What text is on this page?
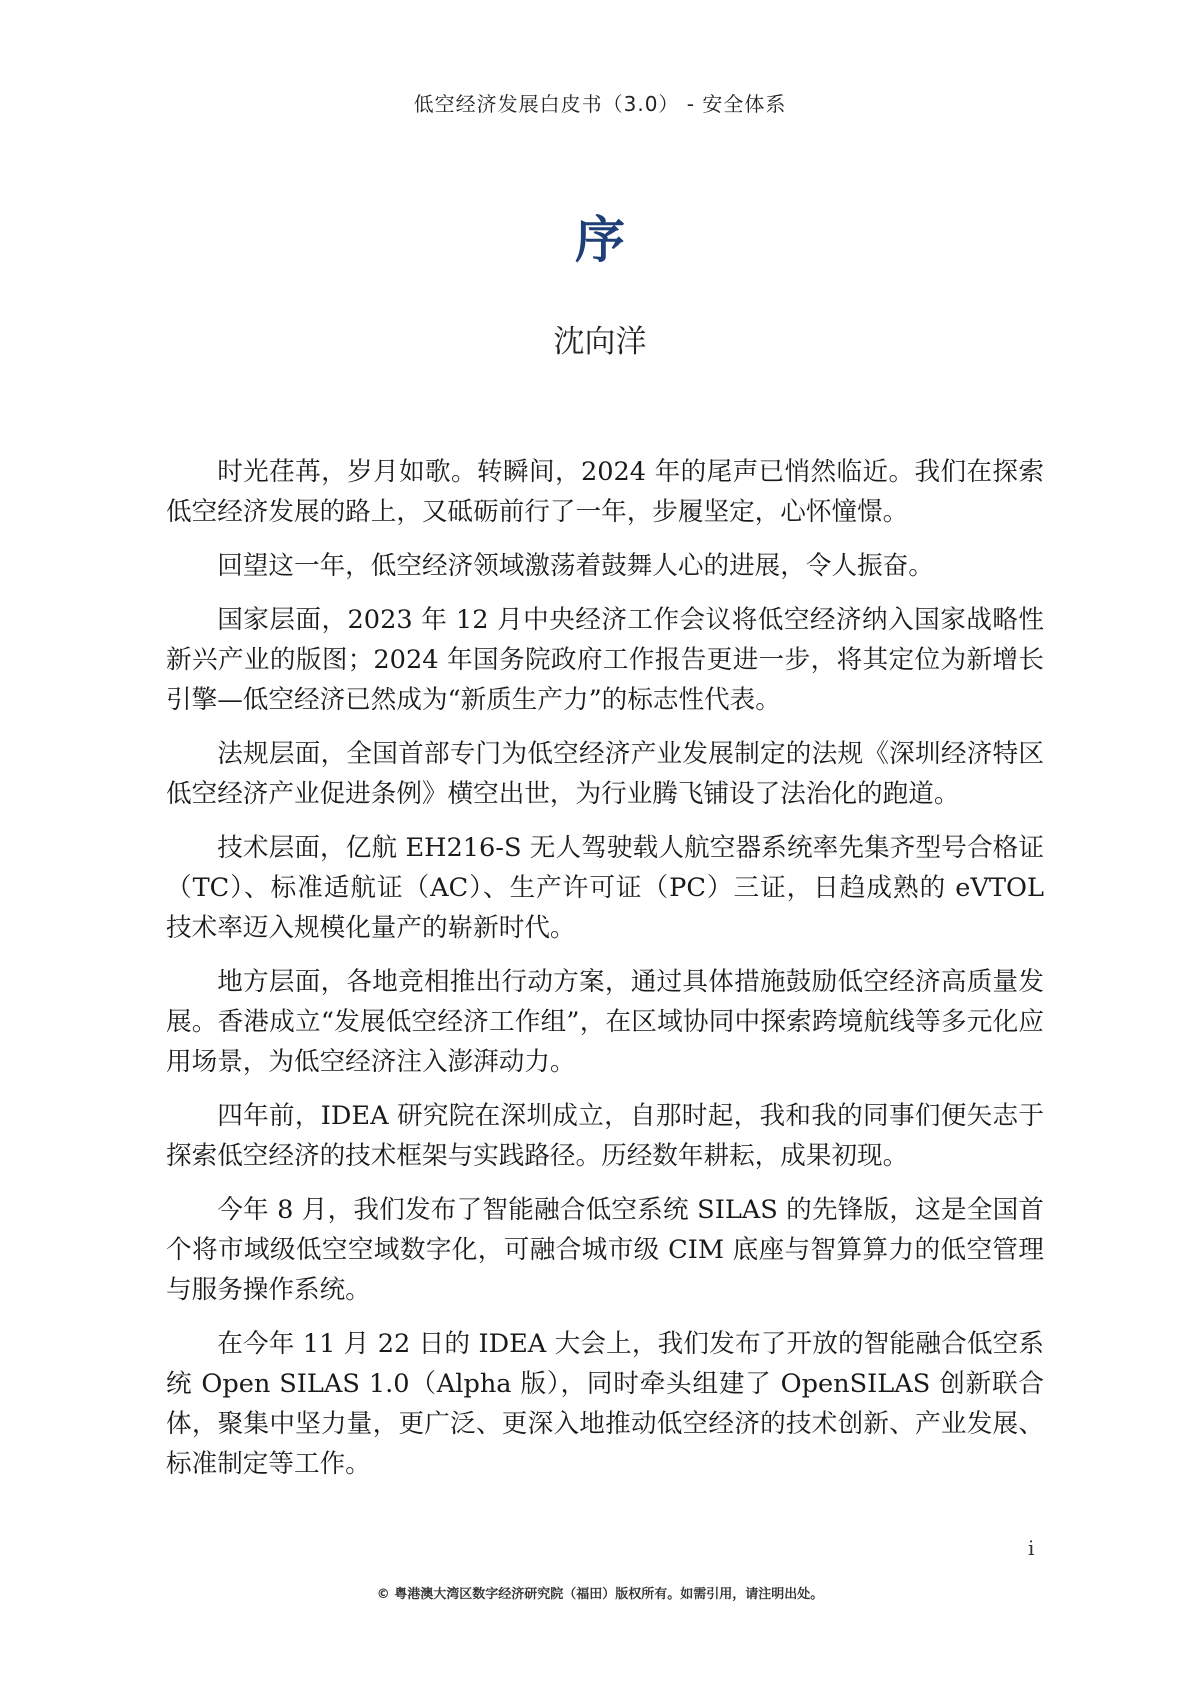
低空经济发展白皮书（3.0） - 安全体系
序
沈向洋

时光荏苒，岁月如歌。转瞬间，2024 年的尾声已悄然临近。我们在探索低空经济发展的路上，又砥砺前行了一年，步履坚定，心怀憧憬。

回望这一年，低空经济领域激荡着鼓舞人心的进展，令人振奋。

国家层面，2023 年 12 月中央经济工作会议将低空经济纳入国家战略性新兴产业的版图；2024 年国务院政府工作报告更进一步，将其定位为新增长引擎—低空经济已然成为“新质生产力”的标志性代表。

法规层面，全国首部专门为低空经济产业发展制定的法规《深圳经济特区低空经济产业促进条例》横空出世，为行业腾飞铺设了法治化的跑道。

技术层面，亿航 EH216-S 无人驾驶载人航空器系统率先集齐型号合格证（TC）、标准适航证（AC）、生产许可证（PC）三证，日趋成熟的 eVTOL 技术率迈入规模化量产的崭新时代。

地方层面，各地竞相推出行动方案，通过具体措施鼓励低空经济高质量发展。香港成立“发展低空经济工作组”，在区域协同中探索跨境航线等多元化应用场景，为低空经济注入澎湃动力。

四年前，IDEA 研究院在深圳成立，自那时起，我和我的同事们便矢志于探索低空经济的技术框架与实践路径。历经数年耕耘，成果初现。

今年 8 月，我们发布了智能融合低空系统 SILAS 的先锋版，这是全国首个将市域级低空空域数字化，可融合城市级 CIM 底座与智算算力的低空管理与服务操作系统。

在今年 11 月 22 日的 IDEA 大会上，我们发布了开放的智能融合低空系统 Open SILAS 1.0（Alpha 版），同时牵头组建了 OpenSILAS 创新联合体，聚集中坚力量，更广泛、更深入地推动低空经济的技术创新、产业发展、标准制定等工作。

i
© 粤港澳大湾区数字经济研究院（福田）版权所有。如需引用，请注明出处。
